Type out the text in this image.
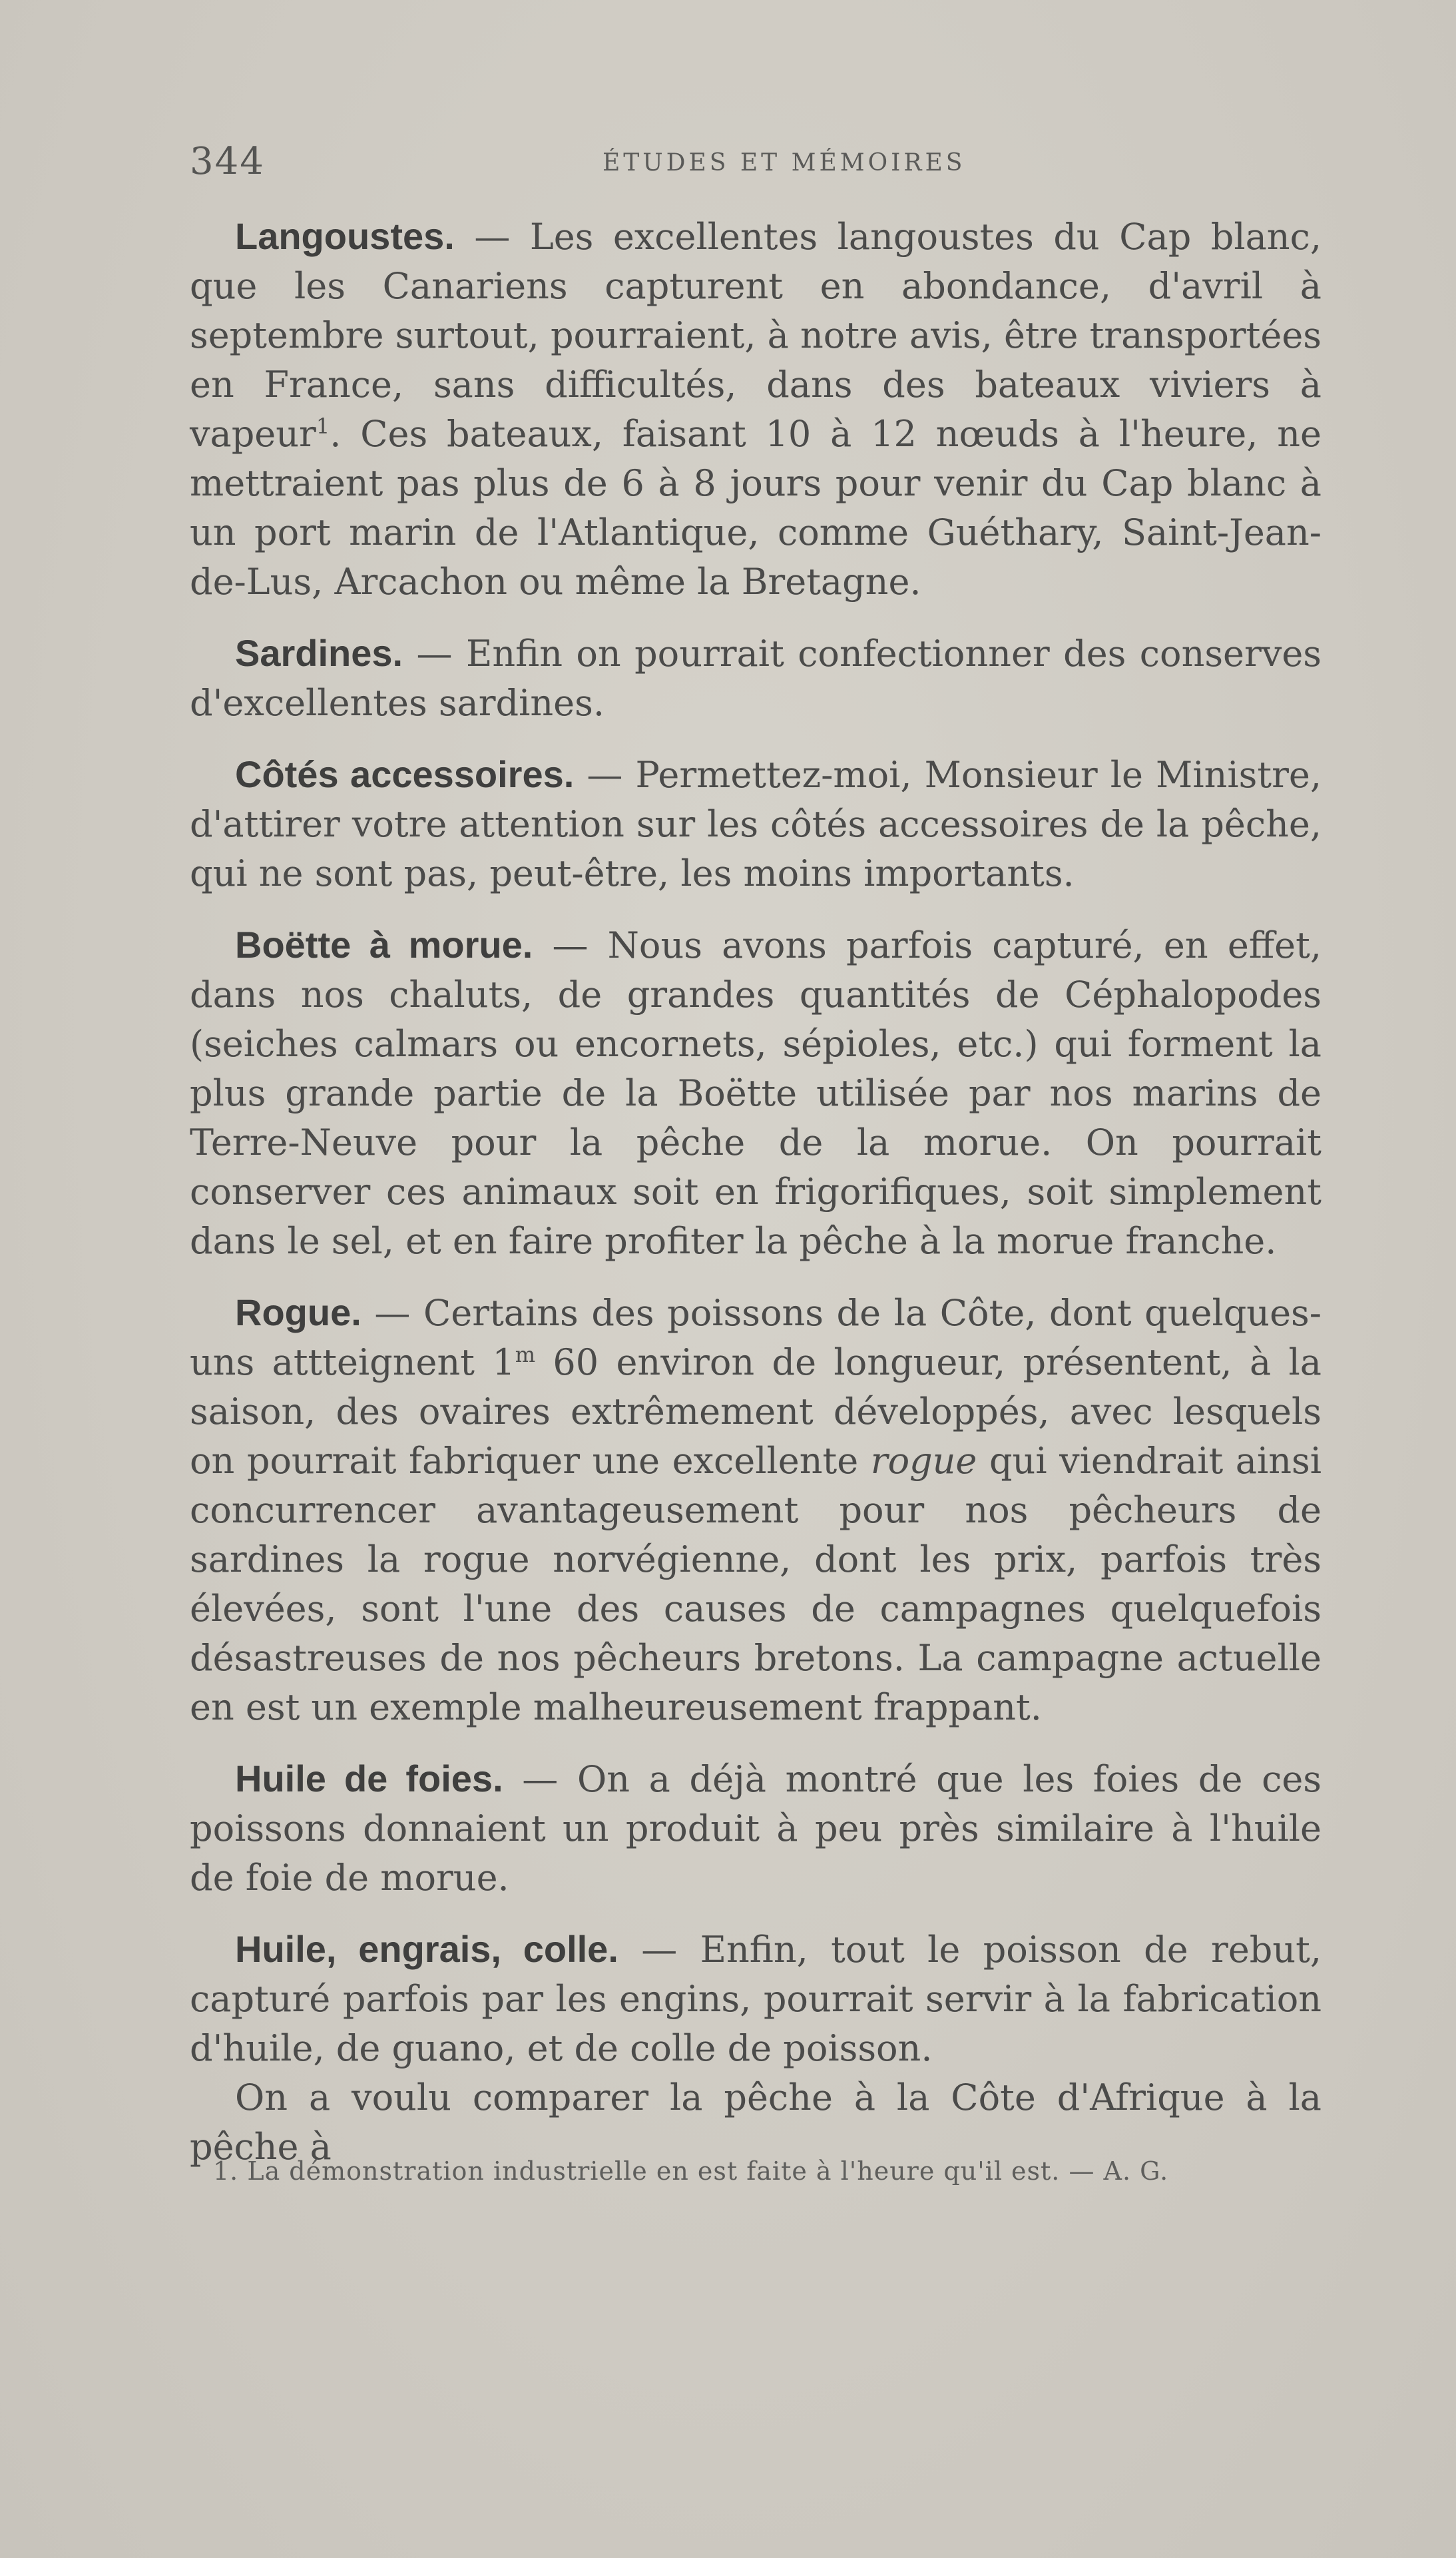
344	ÉTUDES ET MÉMOIRES

Langoustes. — Les excellentes langoustes du Cap blanc, que les Canariens capturent en abondance, d'avril à septembre surtout, pourraient, à notre avis, être transportées en France, sans difficultés, dans des bateaux viviers à vapeur$^1$. Ces bateaux, faisant 10 à 12 nœuds à l'heure, ne mettraient pas plus de 6 à 8 jours pour venir du Cap blanc à un port marin de l'Atlantique, comme Guéthary, Saint-Jean-de-Lus, Arcachon ou même la Bretagne.

Sardines. — Enfin on pourrait confectionner des conserves d'excellentes sardines.

Côtés accessoires. — Permettez-moi, Monsieur le Ministre, d'attirer votre attention sur les côtés accessoires de la pêche, qui ne sont pas, peut-être, les moins importants.

Boëtte à morue. — Nous avons parfois capturé, en effet, dans nos chaluts, de grandes quantités de Céphalopodes (seiches calmars ou encornets, sépioles, etc.) qui forment la plus grande partie de la Boëtte utilisée par nos marins de Terre-Neuve pour la pêche de la morue. On pourrait conserver ces animaux soit en frigorifiques, soit simplement dans le sel, et en faire profiter la pêche à la morue franche.

Rogue. — Certains des poissons de la Côte, dont quelques-uns attteignent 1$^m$ 60 environ de longueur, présentent, à la saison, des ovaires extrêmement développés, avec lesquels on pourrait fabriquer une excellente rogue qui viendrait ainsi concurrencer avantageusement pour nos pêcheurs de sardines la rogue norvégienne, dont les prix, parfois très élevées, sont l'une des causes de campagnes quelquefois désastreuses de nos pêcheurs bretons. La campagne actuelle en est un exemple malheureusement frappant.

Huile de foies. — On a déjà montré que les foies de ces poissons donnaient un produit à peu près similaire à l'huile de foie de morue.

Huile, engrais, colle. — Enfin, tout le poisson de rebut, capturé parfois par les engins, pourrait servir à la fabrication d'huile, de guano, et de colle de poisson.

On a voulu comparer la pêche à la Côte d'Afrique à la pêche à

1. La démonstration industrielle en est faite à l'heure qu'il est. — A. G.
